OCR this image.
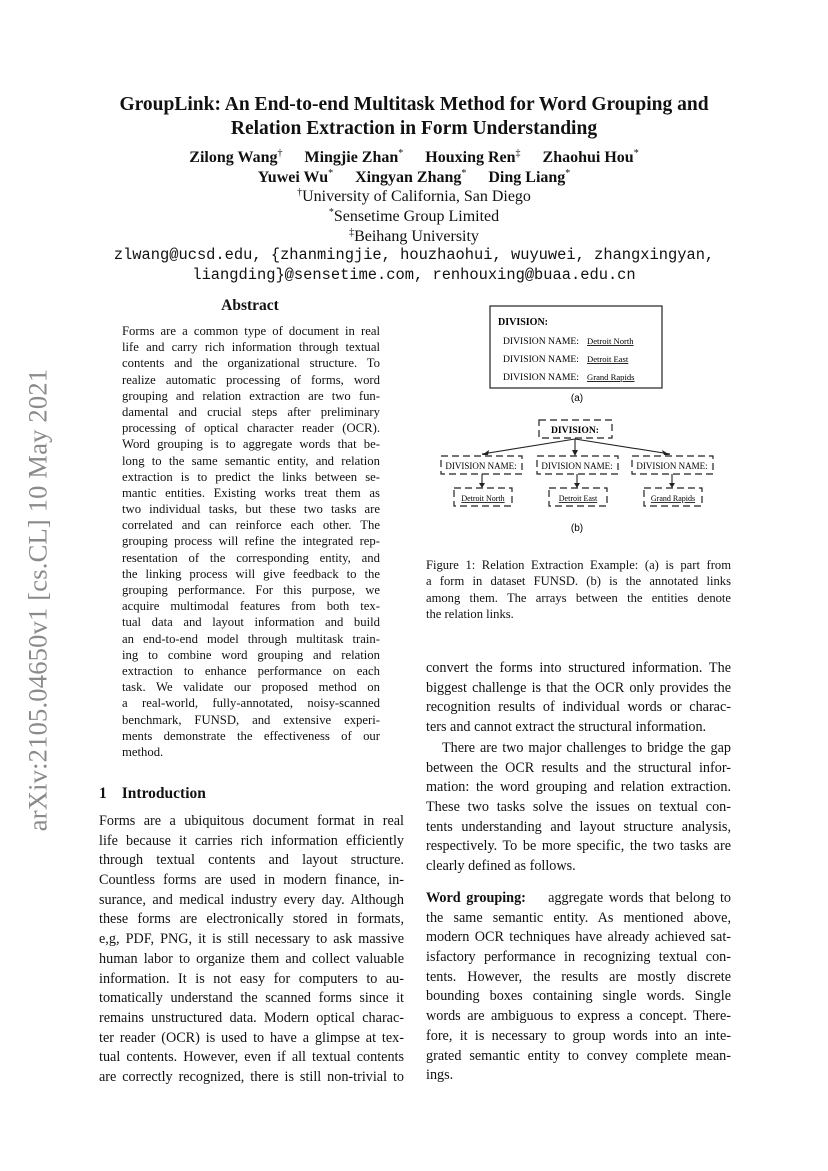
arXiv:2105.04650v1 [cs.CL] 10 May 2021
GroupLink: An End-to-end Multitask Method for Word Grouping and
Relation Extraction in Form Understanding
Zilong Wang† Mingjie Zhan* Houxing Ren‡ Zhaohui Hou*
Yuwei Wu* Xingyan Zhang* Ding Liang*
†University of California, San Diego
*Sensetime Group Limited
‡Beihang University
zlwang@ucsd.edu, {zhanmingjie, houzhaohui, wuyuwei, zhangxingyan,
liangding}@sensetime.com, renhouxing@buaa.edu.cn
Abstract
Forms are a common type of document in real
life and carry rich information through textual
contents and the organizational structure. To
realize automatic processing of forms, word
grouping and relation extraction are two fun-
damental and crucial steps after preliminary
processing of optical character reader (OCR).
Word grouping is to aggregate words that be-
long to the same semantic entity, and relation
extraction is to predict the links between se-
mantic entities. Existing works treat them as
two individual tasks, but these two tasks are
correlated and can reinforce each other. The
grouping process will refine the integrated rep-
resentation of the corresponding entity, and
the linking process will give feedback to the
grouping performance. For this purpose, we
acquire multimodal features from both tex-
tual data and layout information and build
an end-to-end model through multitask train-
ing to combine word grouping and relation
extraction to enhance performance on each
task. We validate our proposed method on
a real-world, fully-annotated, noisy-scanned
benchmark, FUNSD, and extensive experi-
ments demonstrate the effectiveness of our
method.
1 Introduction
Forms are a ubiquitous document format in real
life because it carries rich information efficiently
through textual contents and layout structure.
Countless forms are used in modern finance, in-
surance, and medical industry every day. Although
these forms are electronically stored in formats,
e,g, PDF, PNG, it is still necessary to ask massive
human labor to organize them and collect valuable
information. It is not easy for computers to au-
tomatically understand the scanned forms since it
remains unstructured data. Modern optical charac-
ter reader (OCR) is used to have a glimpse at tex-
tual contents. However, even if all textual contents
are correctly recognized, there is still non-trivial to
DIVISION:
DIVISION NAME: Detroit North
DIVISION NAME: Detroit East
DIVISION NAME: Grand Rapids
(a)
DIVISION:
DIVISION NAME:	DIVISION NAME:	DIVISION NAME:
Detroit North	Detroit East	Grand Rapids
(b)
Figure 1: Relation Extraction Example: (a) is part from
a form in dataset FUNSD. (b) is the annotated links
among them. The arrays between the entities denote
the relation links.
convert the forms into structured information. The
biggest challenge is that the OCR only provides the
recognition results of individual words or charac-
ters and cannot extract the structural information.
There are two major challenges to bridge the gap
between the OCR results and the structural infor-
mation: the word grouping and relation extraction.
These two tasks solve the issues on textual con-
tents understanding and layout structure analysis,
respectively. To be more specific, the two tasks are
clearly defined as follows.
Word grouping: aggregate words that belong to
the same semantic entity. As mentioned above,
modern OCR techniques have already achieved sat-
isfactory performance in recognizing textual con-
tents. However, the results are mostly discrete
bounding boxes containing single words. Single
words are ambiguous to express a concept. There-
fore, it is necessary to group words into an inte-
grated semantic entity to convey complete mean-
ings.
